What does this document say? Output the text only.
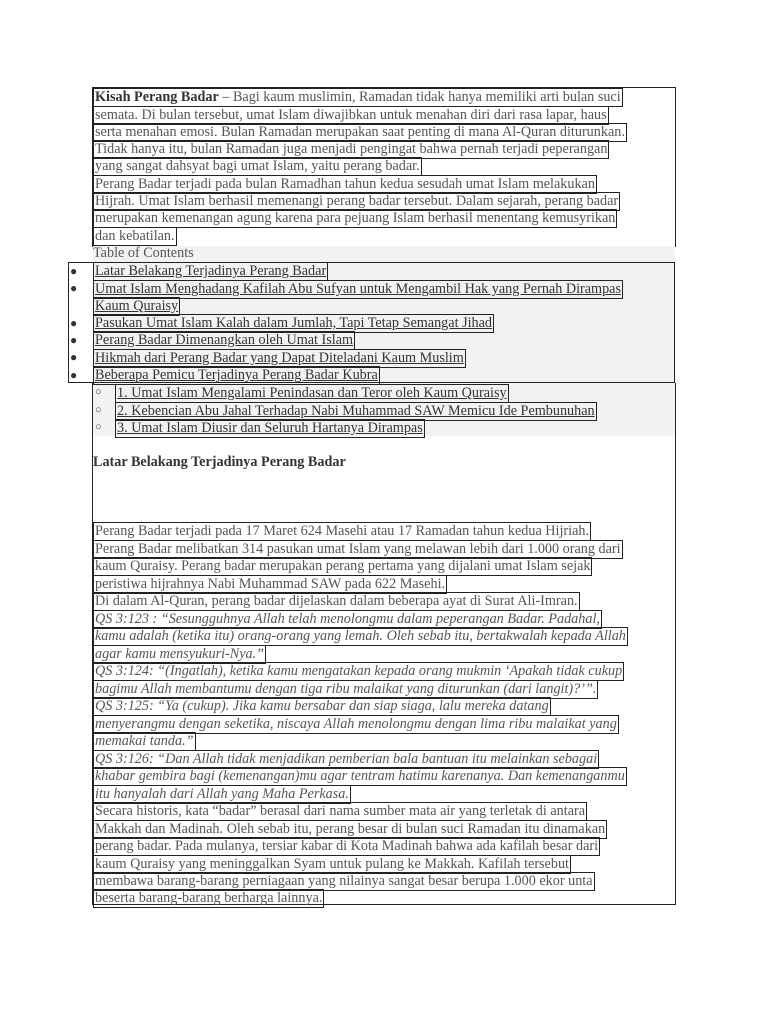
Kisah Perang Badar – Bagi kaum muslimin, Ramadan tidak hanya memiliki arti bulan suci
semata. Di bulan tersebut, umat Islam diwajibkan untuk menahan diri dari rasa lapar, haus
serta menahan emosi. Bulan Ramadan merupakan saat penting di mana Al-Quran diturunkan.
Tidak hanya itu, bulan Ramadan juga menjadi pengingat bahwa pernah terjadi peperangan
yang sangat dahsyat bagi umat Islam, yaitu perang badar.
Perang Badar terjadi pada bulan Ramadhan tahun kedua sesudah umat Islam melakukan
Hijrah. Umat Islam berhasil memenangi perang badar tersebut. Dalam sejarah, perang badar
merupakan kemenangan agung karena para pejuang Islam berhasil menentang kemusyrikan
dan kebatilan.
Table of Contents
● Latar Belakang Terjadinya Perang Badar
● Umat Islam Menghadang Kafilah Abu Sufyan untuk Mengambil Hak yang Pernah Dirampas
Kaum Quraisy
● Pasukan Umat Islam Kalah dalam Jumlah, Tapi Tetap Semangat Jihad
● Perang Badar Dimenangkan oleh Umat Islam
● Hikmah dari Perang Badar yang Dapat Diteladani Kaum Muslim
● Beberapa Pemicu Terjadinya Perang Badar Kubra
○ 1. Umat Islam Mengalami Penindasan dan Teror oleh Kaum Quraisy
○ 2. Kebencian Abu Jahal Terhadap Nabi Muhammad SAW Memicu Ide Pembunuhan
○ 3. Umat Islam Diusir dan Seluruh Hartanya Dirampas
Latar Belakang Terjadinya Perang Badar
Perang Badar terjadi pada 17 Maret 624 Masehi atau 17 Ramadan tahun kedua Hijriah.
Perang Badar melibatkan 314 pasukan umat Islam yang melawan lebih dari 1.000 orang dari
kaum Quraisy. Perang badar merupakan perang pertama yang dijalani umat Islam sejak
peristiwa hijrahnya Nabi Muhammad SAW pada 622 Masehi.
Di dalam Al-Quran, perang badar dijelaskan dalam beberapa ayat di Surat Ali-Imran.
QS 3:123 : “Sesungguhnya Allah telah menolongmu dalam peperangan Badar. Padahal,
kamu adalah (ketika itu) orang-orang yang lemah. Oleh sebab itu, bertakwalah kepada Allah
agar kamu mensyukuri-Nya.”
QS 3:124: “(Ingatlah), ketika kamu mengatakan kepada orang mukmin ‘Apakah tidak cukup
bagimu Allah membantumu dengan tiga ribu malaikat yang diturunkan (dari langit)?’”.
QS 3:125: “Ya (cukup). Jika kamu bersabar dan siap siaga, lalu mereka datang
menyerangmu dengan seketika, niscaya Allah menolongmu dengan lima ribu malaikat yang
memakai tanda.”
QS 3:126: “Dan Allah tidak menjadikan pemberian bala bantuan itu melainkan sebagai
khabar gembira bagi (kemenangan)mu agar tentram hatimu karenanya. Dan kemenanganmu
itu hanyalah dari Allah yang Maha Perkasa.
Secara historis, kata “badar” berasal dari nama sumber mata air yang terletak di antara
Makkah dan Madinah. Oleh sebab itu, perang besar di bulan suci Ramadan itu dinamakan
perang badar. Pada mulanya, tersiar kabar di Kota Madinah bahwa ada kafilah besar dari
kaum Quraisy yang meninggalkan Syam untuk pulang ke Makkah. Kafilah tersebut
membawa barang-barang perniagaan yang nilainya sangat besar berupa 1.000 ekor unta
beserta barang-barang berharga lainnya.
